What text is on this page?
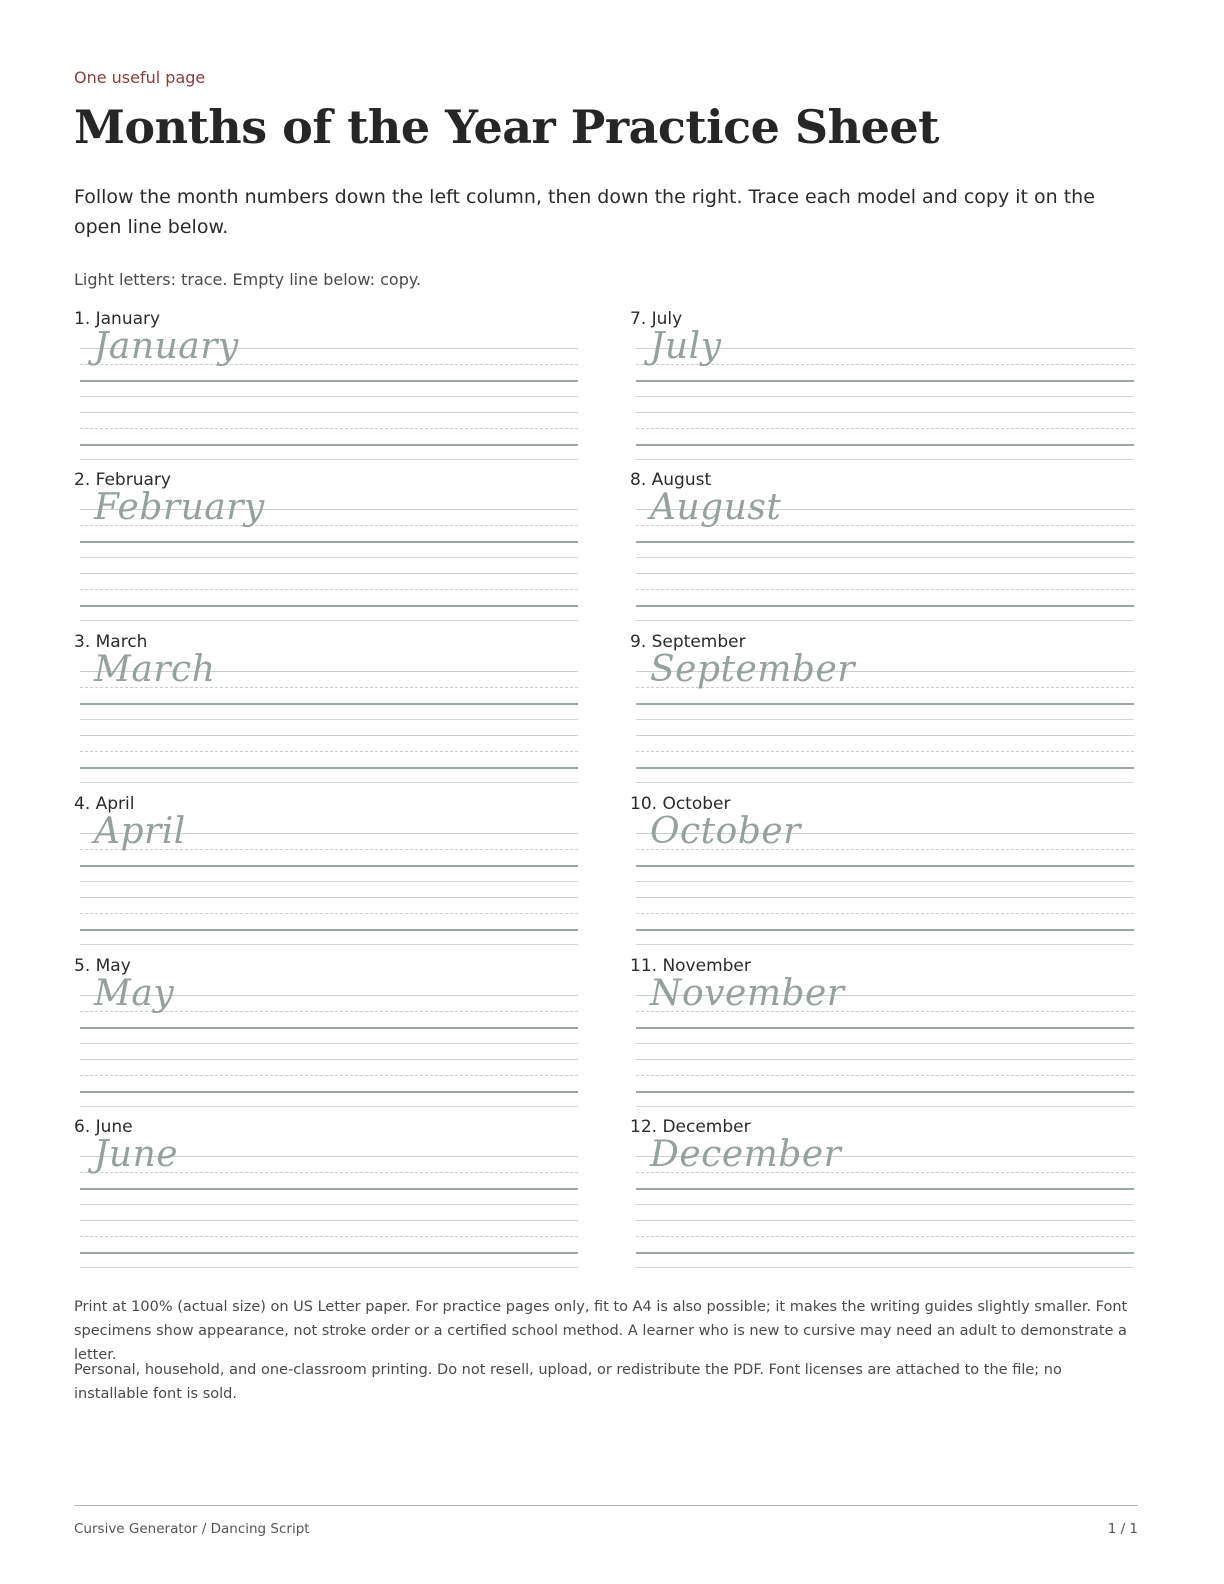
One useful page
Months of the Year Practice Sheet

Follow the month numbers down the left column, then down the right. Trace each model and copy it on the open line below.

Light letters: trace. Empty line below: copy.
1. January
January
2. February
February
3. March
March
4. April
April
5. May
May
6. June
June
7. July
July
8. August
August
9. September
September
10. October
October
11. November
November
12. December
December

Print at 100% (actual size) on US Letter paper. For practice pages only, fit to A4 is also possible; it makes the writing guides slightly smaller. Font specimens show appearance, not stroke order or a certified school method. A learner who is new to cursive may need an adult to demonstrate a letter.

Personal, household, and one-classroom printing. Do not resell, upload, or redistribute the PDF. Font licenses are attached to the file; no installable font is sold.

Cursive Generator / Dancing Script	1 / 1
